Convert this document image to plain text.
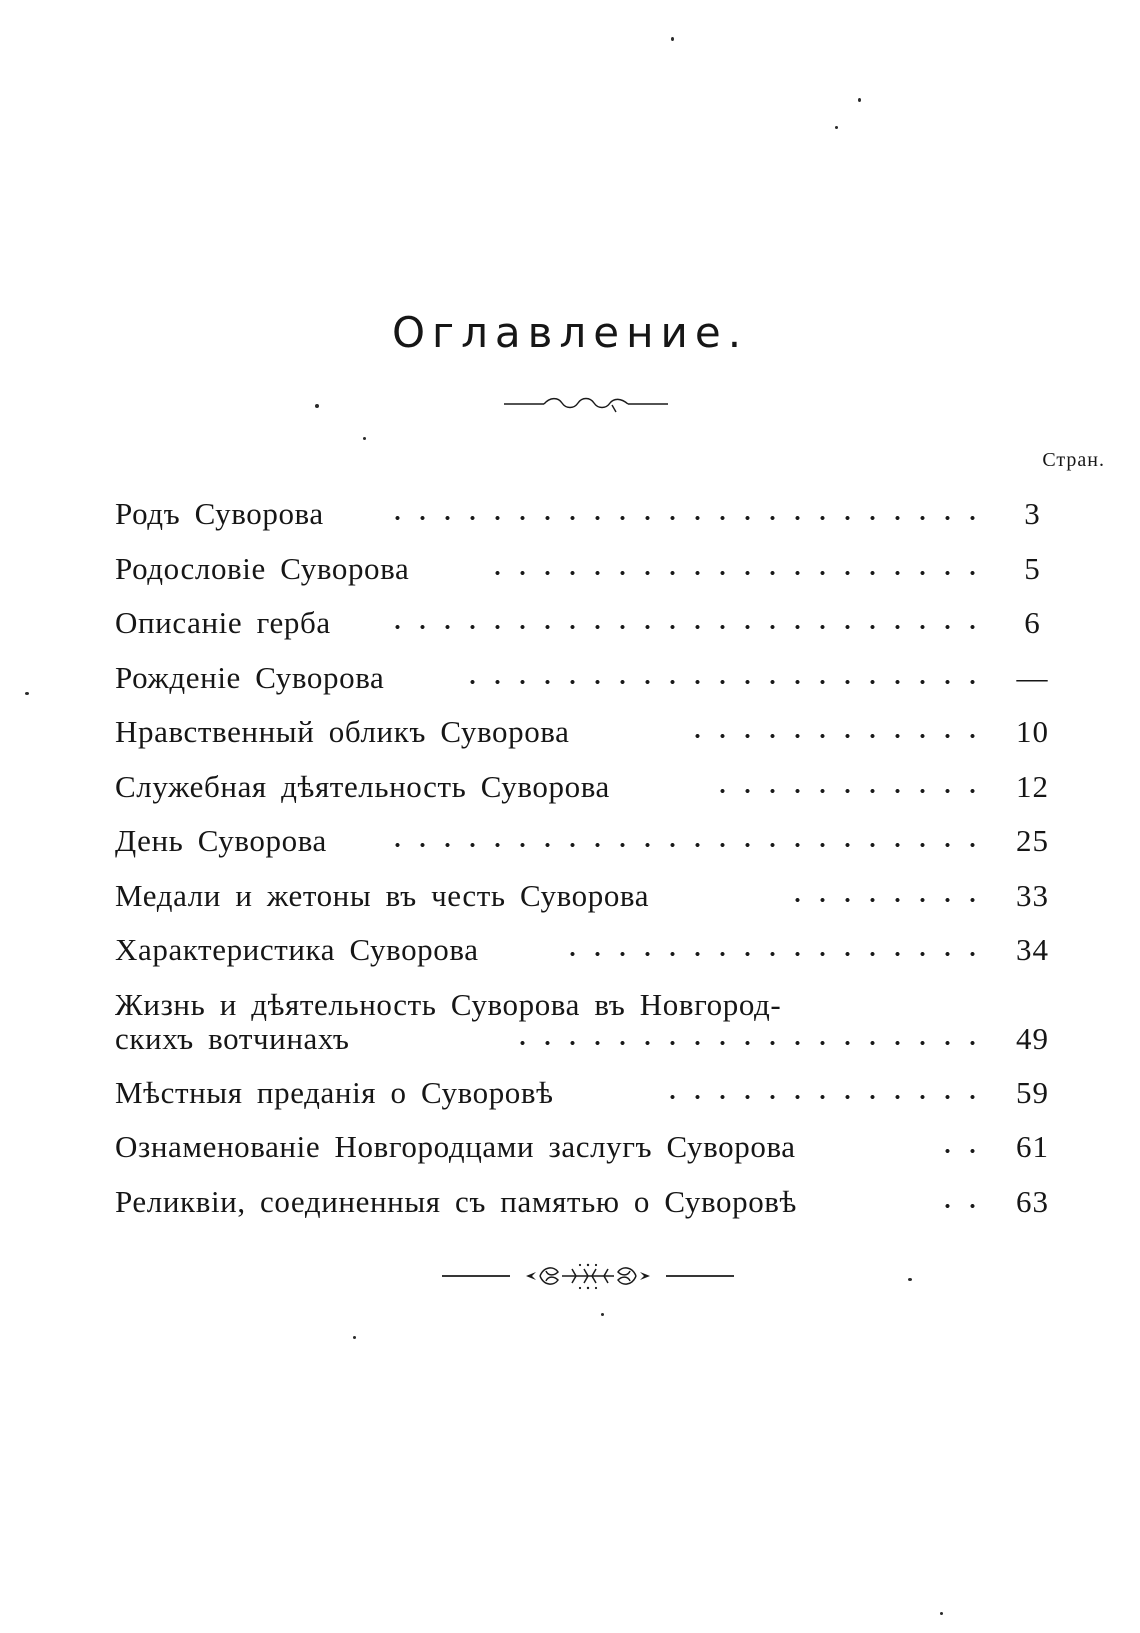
Оглавление.
Стран.
Родъ Суворова	3
Родословіе Суворова	5
Описаніе герба	6
Рожденіе Суворова	—
Нравственный обликъ Суворова	10
Служебная дѣятельность Суворова	12
День Суворова	25
Медали и жетоны въ честь Суворова	33
Характеристика Суворова	34
Жизнь и дѣятельность Суворова въ Новгород-
скихъ вотчинахъ	49
Мѣстныя преданія о Суворовѣ	59
Ознаменованіе Новгородцами заслугъ Суворова	61
Реликвіи, соединенныя съ памятью о Суворовѣ	63
